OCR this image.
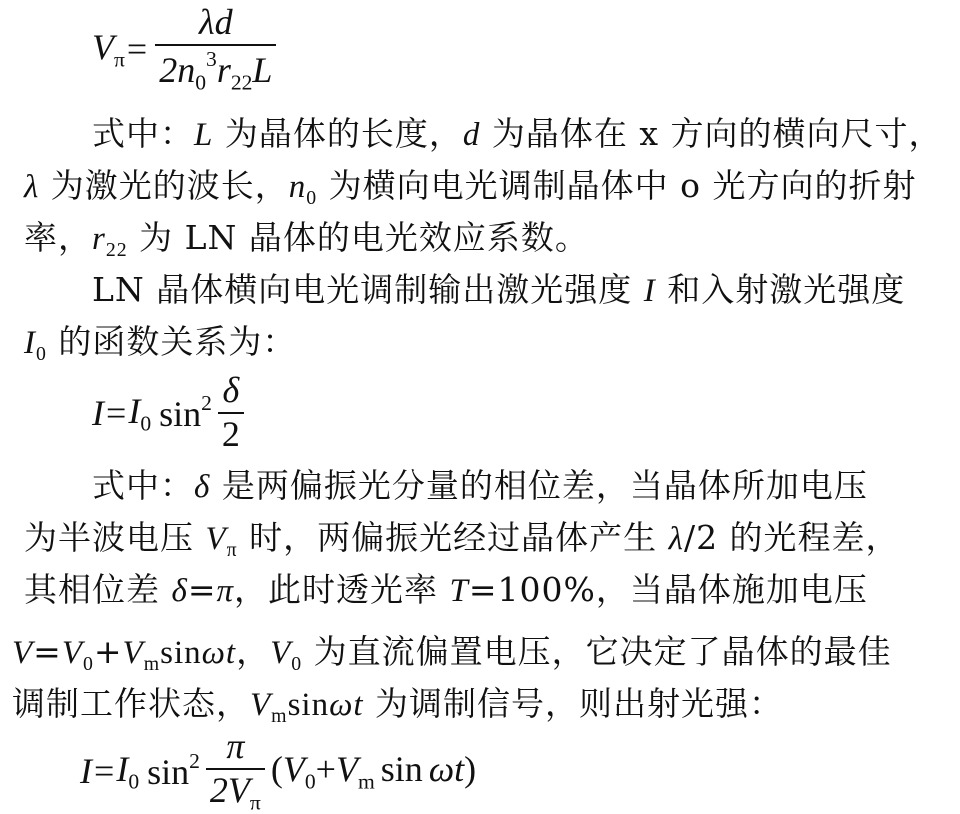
$V_\pi = \frac{\lambda d}{2n_0^3r_{22}L}$
式中：L 为晶体的长度，d 为晶体在 x 方向的横向尺寸，
λ 为激光的波长，$n_0$ 为横向电光调制晶体中 o 光方向的折射
率，$r_{22}$ 为 LN 晶体的电光效应系数。
LN 晶体横向电光调制输出激光强度 I 和入射激光强度
$I_0$ 的函数关系为：
$I = I_0$ $\sin^2 \frac{\delta}{2}$
式中：δ 是两偏振光分量的相位差，当晶体所加电压
为半波电压 $V_\pi$ 时，两偏振光经过晶体产生 λ/2 的光程差，
其相位差 δ=π，此时透光率 T=100%，当晶体施加电压
$V=V_0+V_m\sin\omega t$，$V_0$ 为直流偏置电压，它决定了晶体的最佳
调制工作状态，$V_m\sin\omega t$ 为调制信号，则出射光强：
$I = I_0$ $\sin^2 \frac{\pi}{2V_\pi} (V_0+V_m$ sin ωt)
